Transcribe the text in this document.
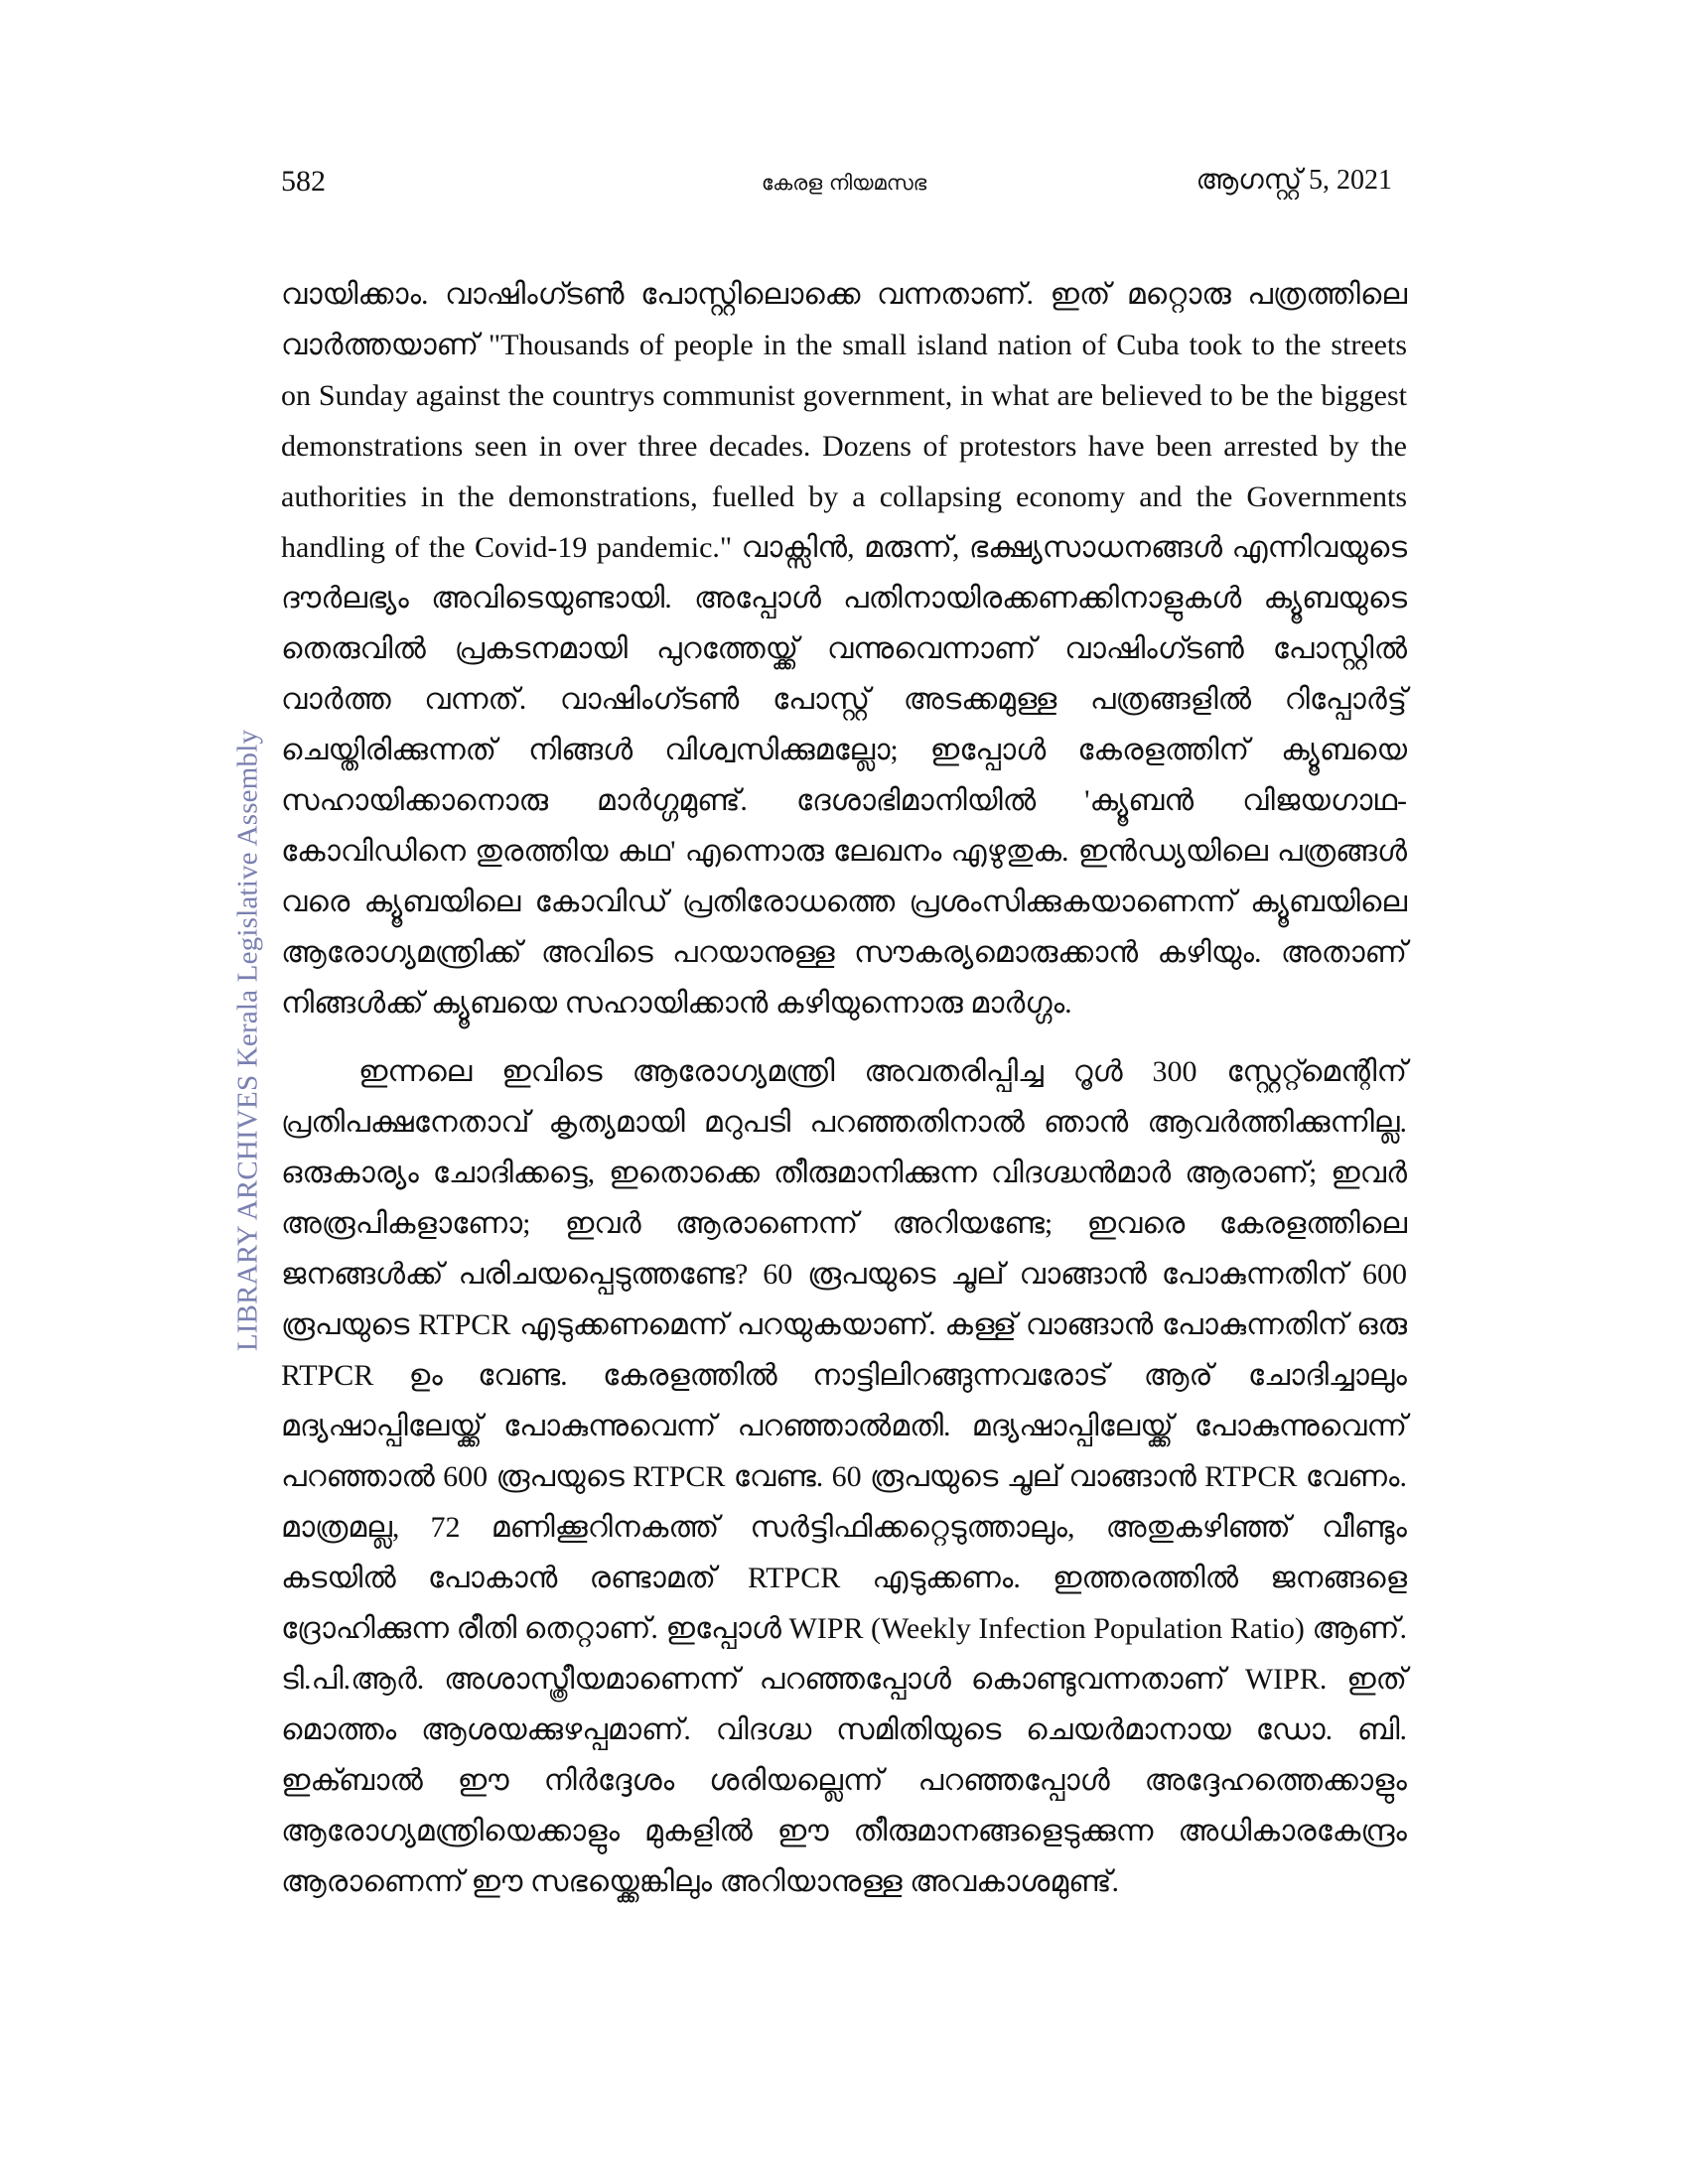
582	കേരള നിയമസഭ	ആഗസ്റ്റ് 5, 2021
LIBRARY ARCHIVES Kerala Legislative Assembly

വായിക്കാം. വാഷിംഗ്ടൺ പോസ്റ്റിലൊക്കെ വന്നതാണ്. ഇത് മറ്റൊരു പത്രത്തിലെ വാർത്തയാണ് "Thousands of people in the small island nation of Cuba took to the streets on Sunday against the countrys communist government, in what are believed to be the biggest demonstrations seen in over three decades. Dozens of protestors have been arrested by the authorities in the demonstrations, fuelled by a collapsing economy and the Governments handling of the Covid-19 pandemic." വാക്സിൻ, മരുന്ന്, ഭക്ഷ്യസാധനങ്ങൾ എന്നിവയുടെ ദൗർലഭ്യം അവിടെയുണ്ടായി. അപ്പോൾ പതിനായിരക്കണക്കിനാളുകൾ ക്യൂബയുടെ തെരുവിൽ പ്രകടനമായി പുറത്തേയ്ക്ക് വന്നുവെന്നാണ് വാഷിംഗ്ടൺ പോസ്റ്റിൽ വാർത്ത വന്നത്. വാഷിംഗ്ടൺ പോസ്റ്റ് അടക്കമുള്ള പത്രങ്ങളിൽ റിപ്പോർട്ട് ചെയ്തിരിക്കുന്നത് നിങ്ങൾ വിശ്വസിക്കുമല്ലോ; ഇപ്പോൾ കേരളത്തിന് ക്യൂബയെ സഹായിക്കാനൊരു മാർഗ്ഗമുണ്ട്. ദേശാഭിമാനിയിൽ 'ക്യൂബൻ വിജയഗാഥ- കോവിഡിനെ തുരത്തിയ കഥ' എന്നൊരു ലേഖനം എഴുതുക. ഇൻഡ്യയിലെ പത്രങ്ങൾ വരെ ക്യൂബയിലെ കോവിഡ് പ്രതിരോധത്തെ പ്രശംസിക്കുകയാണെന്ന് ക്യൂബയിലെ ആരോഗ്യമന്ത്രിക്ക് അവിടെ പറയാനുള്ള സൗകര്യമൊരുക്കാൻ കഴിയും. അതാണ് നിങ്ങൾക്ക് ക്യൂബയെ സഹായിക്കാൻ കഴിയുന്നൊരു മാർഗ്ഗം.

ഇന്നലെ ഇവിടെ ആരോഗ്യമന്ത്രി അവതരിപ്പിച്ച റൂൾ 300 സ്റ്റേറ്റ്മെന്റിന് പ്രതിപക്ഷനേതാവ് കൃത്യമായി മറുപടി പറഞ്ഞതിനാൽ ഞാൻ ആവർത്തിക്കുന്നില്ല. ഒരുകാര്യം ചോദിക്കട്ടെ, ഇതൊക്കെ തീരുമാനിക്കുന്ന വിദഗ്ദ്ധൻമാർ ആരാണ്; ഇവർ അരൂപികളാണോ; ഇവർ ആരാണെന്ന് അറിയണ്ടേ; ഇവരെ കേരളത്തിലെ ജനങ്ങൾക്ക് പരിചയപ്പെടുത്തണ്ടേ? 60 രൂപയുടെ ചൂല് വാങ്ങാൻ പോകുന്നതിന് 600 രൂപയുടെ RTPCR എടുക്കണമെന്ന് പറയുകയാണ്. കള്ള് വാങ്ങാൻ പോകുന്നതിന് ഒരു RTPCR ഉം വേണ്ട. കേരളത്തിൽ നാട്ടിലിറങ്ങുന്നവരോട് ആര് ചോദിച്ചാലും മദ്യഷാപ്പിലേയ്ക്ക് പോകുന്നുവെന്ന് പറഞ്ഞാൽമതി. മദ്യഷാപ്പിലേയ്ക്ക് പോകുന്നുവെന്ന് പറഞ്ഞാൽ 600 രൂപയുടെ RTPCR വേണ്ട. 60 രൂപയുടെ ചൂല് വാങ്ങാൻ RTPCR വേണം. മാത്രമല്ല, 72 മണിക്കൂറിനകത്ത് സർട്ടിഫിക്കറ്റെടുത്താലും, അതുകഴിഞ്ഞ് വീണ്ടും കടയിൽ പോകാൻ രണ്ടാമത് RTPCR എടുക്കണം. ഇത്തരത്തിൽ ജനങ്ങളെ ദ്രോഹിക്കുന്ന രീതി തെറ്റാണ്. ഇപ്പോൾ WIPR (Weekly Infection Population Ratio) ആണ്. ടി.പി.ആർ. അശാസ്ത്രീയമാണെന്ന് പറഞ്ഞപ്പോൾ കൊണ്ടുവന്നതാണ് WIPR. ഇത് മൊത്തം ആശയക്കുഴപ്പമാണ്. വിദഗ്ദ്ധ സമിതിയുടെ ചെയർമാനായ ഡോ. ബി. ഇക്ബാൽ ഈ നിർദ്ദേശം ശരിയല്ലെന്ന് പറഞ്ഞപ്പോൾ അദ്ദേഹത്തെക്കാളും ആരോഗ്യമന്ത്രിയെക്കാളും മുകളിൽ ഈ തീരുമാനങ്ങളെടുക്കുന്ന അധികാരകേന്ദ്രം ആരാണെന്ന് ഈ സഭയ്ക്കെങ്കിലും അറിയാനുള്ള അവകാശമുണ്ട്.
